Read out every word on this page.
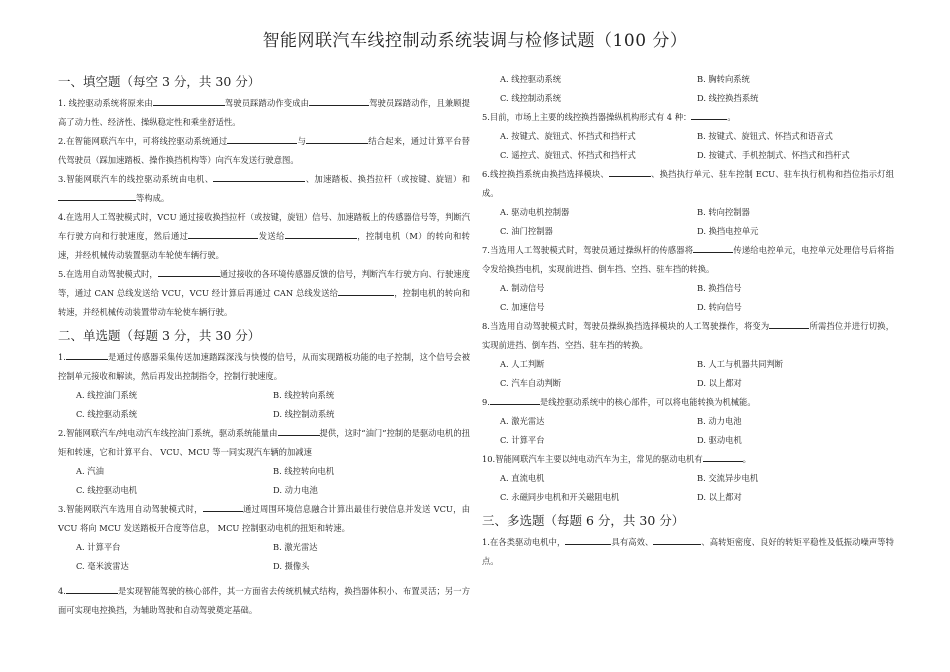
智能网联汽车线控制动系统装调与检修试题（100 分）
一、填空题（每空 3 分，共 30 分）

1. 线控驱动系统将原来由	驾驶员踩踏动作变成由	驾驶员踩踏动作，且兼顾提高了动力性、经济性、操纵稳定性和乘坐舒适性。

2.在智能网联汽车中，可将线控驱动系统通过	与	结合起来，通过计算平台替代驾驶员（踩加速踏板、操作换挡机构等）向汽车发送行驶意图。

3.智能网联汽车的线控驱动系统由电机、	、加速踏板、换挡拉杆（或按键、旋钮）和等构成。

4.在选用人工驾驶模式时，VCU 通过接收换挡拉杆（或按键，旋钮）信号、加速踏板上的传感器信号等，判断汽车行驶方向和行驶速度，然后通过	发送给	，控制电机（M）的转向和转速，并经机械传动装置驱动车轮使车辆行驶。

5.在选用自动驾驶模式时，	通过接收的各环境传感器反馈的信号，判断汽车行驶方向、行驶速度等，通过 CAN 总线发送给 VCU，VCU 经计算后再通过 CAN 总线发送给	，控制电机的转向和转速，并经机械传动装置带动车轮使车辆行驶。

二、单选题（每题 3 分，共 30 分）

1.	是通过传感器采集传送加速踏踩深浅与快慢的信号，从而实现踏板功能的电子控制，这个信号会被控制单元接收和解读，然后再发出控制指令，控制行驶速度。

A. 线控油门系统	B. 线控转向系统
C. 线控驱动系统	D. 线控制动系统

2.智能网联汽车/纯电动汽车线控油门系统，驱动系统能量由	提供，这时“油门”控制的是驱动电机的扭矩和转速，它和计算平台、 VCU、MCU 等一同实现汽车辆的加减速

A. 汽油	B. 线控转向电机
C. 线控驱动电机	D. 动力电池

3.智能网联汽车选用自动驾驶模式时，	通过周围环境信息融合计算出最佳行驶信息并发送 VCU，由 VCU 将向 MCU 发送踏板开合度等信息， MCU 控制驱动电机的扭矩和转速。

A. 计算平台	B. 激光雷达
C. 毫米波雷达	D. 摄像头

4.	是实现智能驾驶的核心部件，其一方面省去传统机械式结构，换挡器体积小、布置灵活；另一方面可实现电控换挡，为辅助驾驶和自动驾驶奠定基础。

A. 线控驱动系统	B. 胸转向系统
C. 线控制动系统	D. 线控换挡系统

5.目前，市场上主要的线控换挡器操纵机构形式有 4 种：	。

A. 按键式、旋钮式、怀挡式和挡杆式	B. 按键式、旋钮式、怀挡式和语音式
C. 遥控式、旋钮式、怀挡式和挡杆式	D. 按键式、手机控制式、怀挡式和挡杆式

6.线控换挡系统由换挡选择模块、	、换挡执行单元、驻车控制 ECU、驻车执行机构和挡位指示灯组成。

A. 驱动电机控制器	B. 转向控制器
C. 油门控制器	D. 换挡电控单元

7.当选用人工驾驶模式时，驾驶员通过操纵杆的传感器将	传递给电控单元，电控单元处理信号后将指令发给换挡电机，实现前进挡、倒车挡、空挡、驻车挡的转换。

A. 制动信号	B. 换挡信号
C. 加速信号	D. 转向信号

8.当选用自动驾驶模式时，驾驶员操纵换挡选择模块的人工驾驶操作，将变为	所需挡位并进行切换，实现前进挡、倒车挡、空挡、驻车挡的转换。

A. 人工判断	B. 人工与机器共同判断
C. 汽车自动判断	D. 以上都对

9.	是线控驱动系统中的核心部件，可以将电能转换为机械能。

A. 激光雷达	B. 动力电池
C. 计算平台	D. 驱动电机

10.智能网联汽车主要以纯电动汽车为主，常见的驱动电机有	。

A. 直流电机	B. 交流异步电机
C. 永磁同步电机和开关磁阻电机	D. 以上都对
三、多选题（每题 6 分，共 30 分）

1.在各类驱动电机中，	具有高效、	、高转矩密度、良好的转矩平稳性及低振动噪声等特点。
